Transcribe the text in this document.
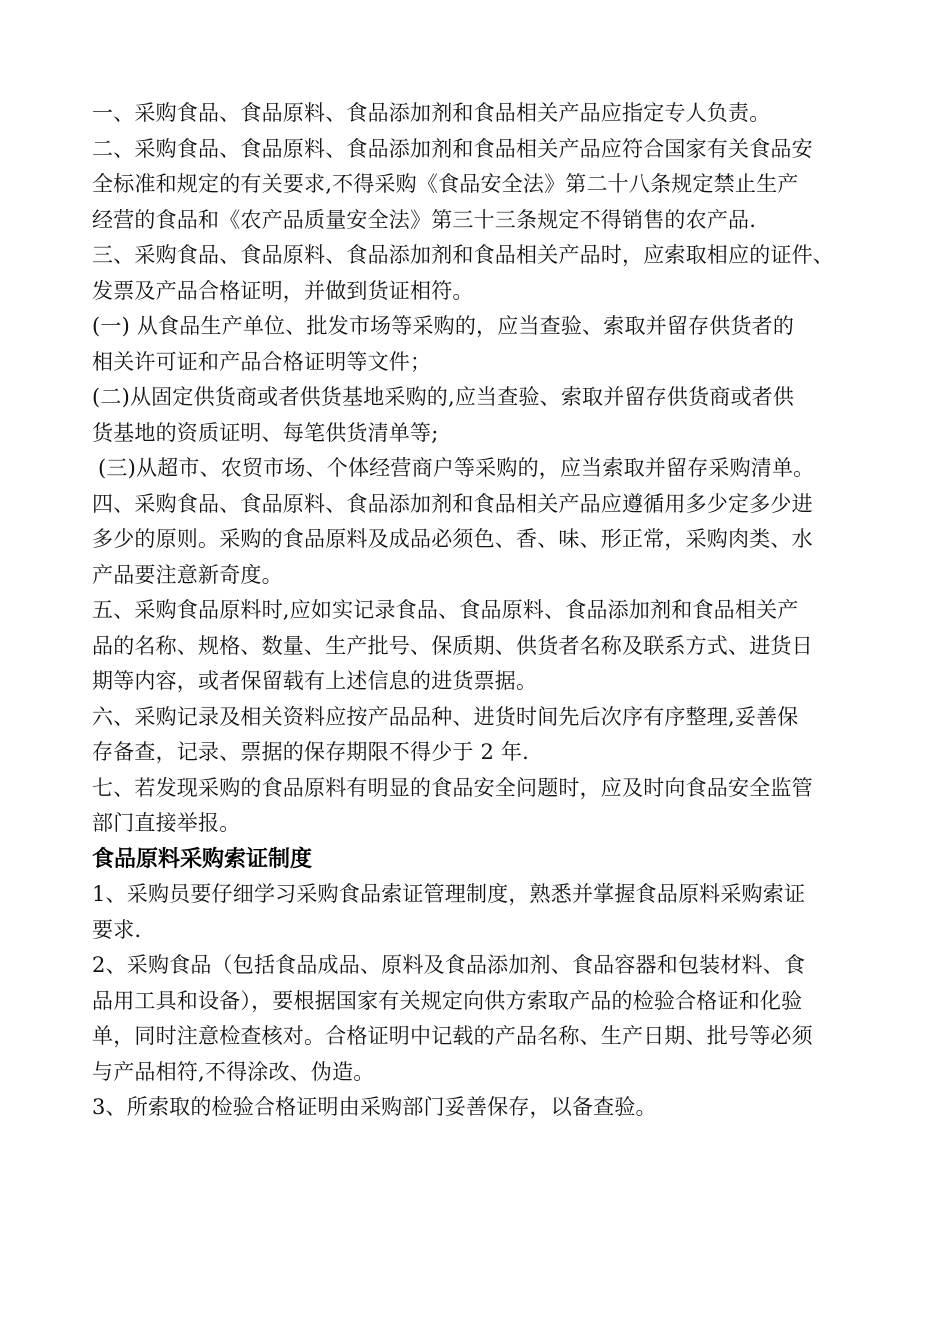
一、采购食品、食品原料、食品添加剂和食品相关产品应指定专人负责。
二、采购食品、食品原料、食品添加剂和食品相关产品应符合国家有关食品安
全标准和规定的有关要求,不得采购《食品安全法》第二十八条规定禁止生产
经营的食品和《农产品质量安全法》第三十三条规定不得销售的农产品.
三、采购食品、食品原料、食品添加剂和食品相关产品时，应索取相应的证件、
发票及产品合格证明，并做到货证相符。
(一) 从食品生产单位、批发市场等采购的，应当查验、索取并留存供货者的
相关许可证和产品合格证明等文件；
(二)从固定供货商或者供货基地采购的,应当查验、索取并留存供货商或者供
货基地的资质证明、每笔供货清单等;
(三)从超市、农贸市场、个体经营商户等采购的，应当索取并留存采购清单。
四、采购食品、食品原料、食品添加剂和食品相关产品应遵循用多少定多少进
多少的原则。采购的食品原料及成品必须色、香、味、形正常，采购肉类、水
产品要注意新奇度。
五、采购食品原料时,应如实记录食品、食品原料、食品添加剂和食品相关产
品的名称、规格、数量、生产批号、保质期、供货者名称及联系方式、进货日
期等内容，或者保留载有上述信息的进货票据。
六、采购记录及相关资料应按产品品种、进货时间先后次序有序整理,妥善保
存备查，记录、票据的保存期限不得少于 2 年.
七、若发现采购的食品原料有明显的食品安全问题时，应及时向食品安全监管
部门直接举报。
食品原料采购索证制度
1、采购员要仔细学习采购食品索证管理制度，熟悉并掌握食品原料采购索证
要求.
2、采购食品（包括食品成品、原料及食品添加剂、食品容器和包装材料、食
品用工具和设备），要根据国家有关规定向供方索取产品的检验合格证和化验
单，同时注意检查核对。合格证明中记载的产品名称、生产日期、批号等必须
与产品相符,不得涂改、伪造。
3、所索取的检验合格证明由采购部门妥善保存，以备查验。
